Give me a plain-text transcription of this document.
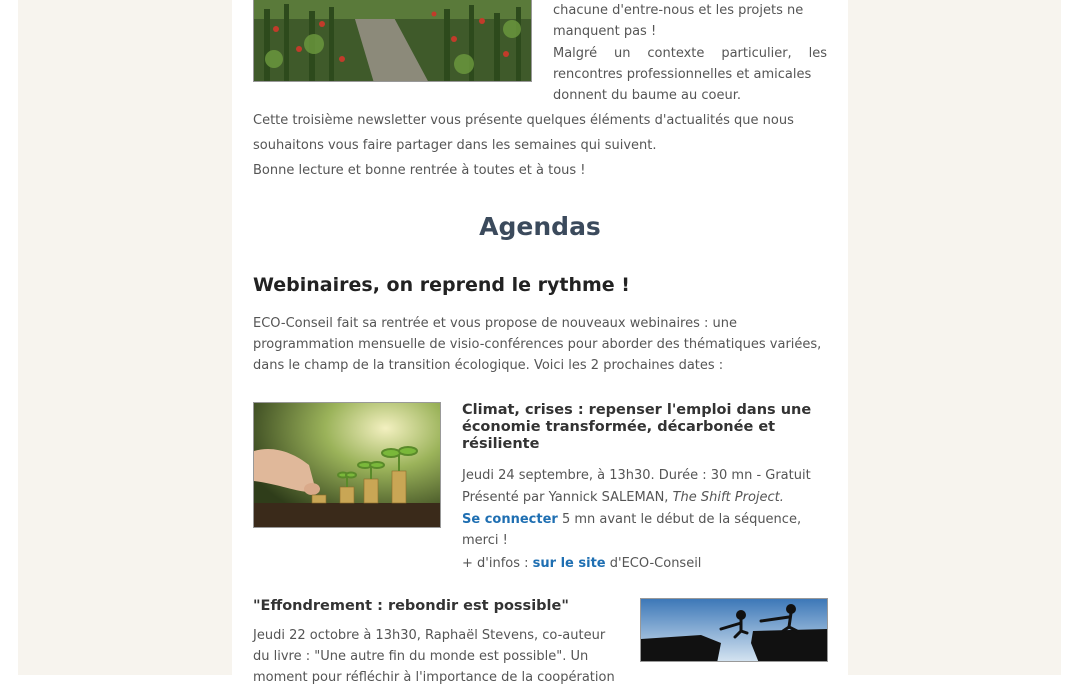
chacune d'entre-nous et les projets ne
manquent pas !
Malgré un contexte particulier, les
rencontres professionnelles et amicales
donnent du baume au coeur.
Cette troisième newsletter vous présente quelques éléments d'actualités que nous
souhaitons vous faire partager dans les semaines qui suivent.
Bonne lecture et bonne rentrée à toutes et à tous !
Agendas
Webinaires, on reprend le rythme !
ECO-Conseil fait sa rentrée et vous propose de nouveaux webinaires : une programmation mensuelle de visio-conférences pour aborder des thématiques variées, dans le champ de la transition écologique. Voici les 2 prochaines dates :
Climat, crises : repenser l'emploi dans une économie transformée, décarbonée et résiliente
Jeudi 24 septembre, à 13h30. Durée : 30 mn - Gratuit
Présenté par Yannick SALEMAN, The Shift Project.
Se connecter 5 mn avant le début de la séquence, merci !
+ d'infos : sur le site d'ECO-Conseil
"Effondrement : rebondir est possible"
Jeudi 22 octobre à 13h30, Raphaël Stevens, co-auteur du livre : "Une autre fin du monde est possible". Un moment pour réfléchir à l'importance de la coopération
